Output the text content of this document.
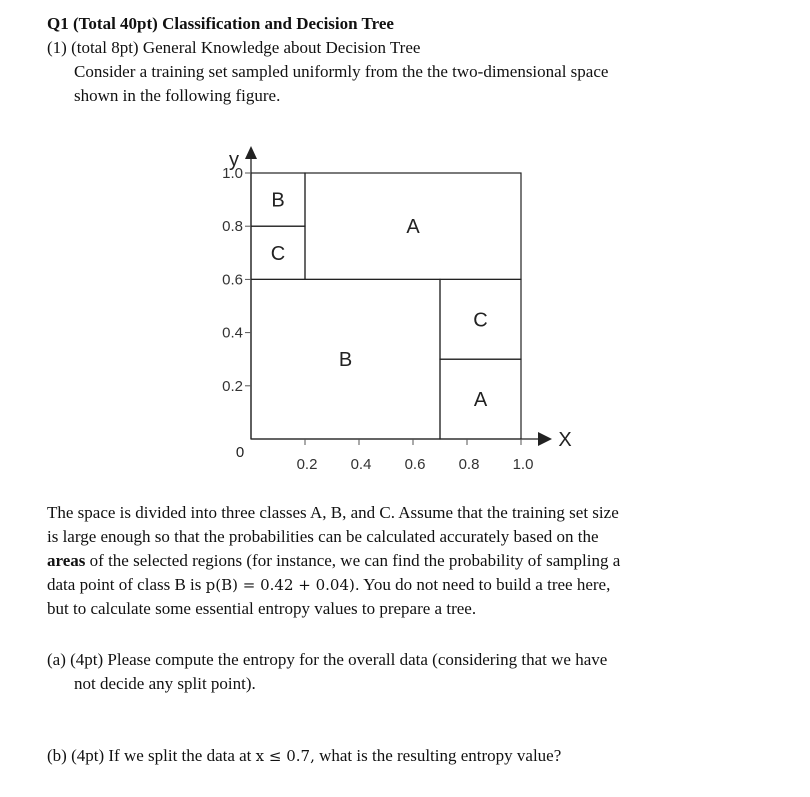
Q1 (Total 40pt) Classification and Decision Tree
(1) (total 8pt) General Knowledge about Decision Tree
Consider a training set sampled uniformly from the the two-dimensional space
shown in the following figure.
B
C
A
B
C
A
X
y
0
0.2 0.4 0.6 0.8 1.0
0.2
0.4
0.6
0.8
1.0
The space is divided into three classes A, B, and C. Assume that the training set size
is large enough so that the probabilities can be calculated accurately based on the
areas of the selected regions (for instance, we can find the probability of sampling a
data point of class B is p(B) = 0.42 + 0.04). You do not need to build a tree here,
but to calculate some essential entropy values to prepare a tree.
(a) (4pt) Please compute the entropy for the overall data (considering that we have
not decide any split point).
(b) (4pt) If we split the data at x ≤ 0.7, what is the resulting entropy value?
